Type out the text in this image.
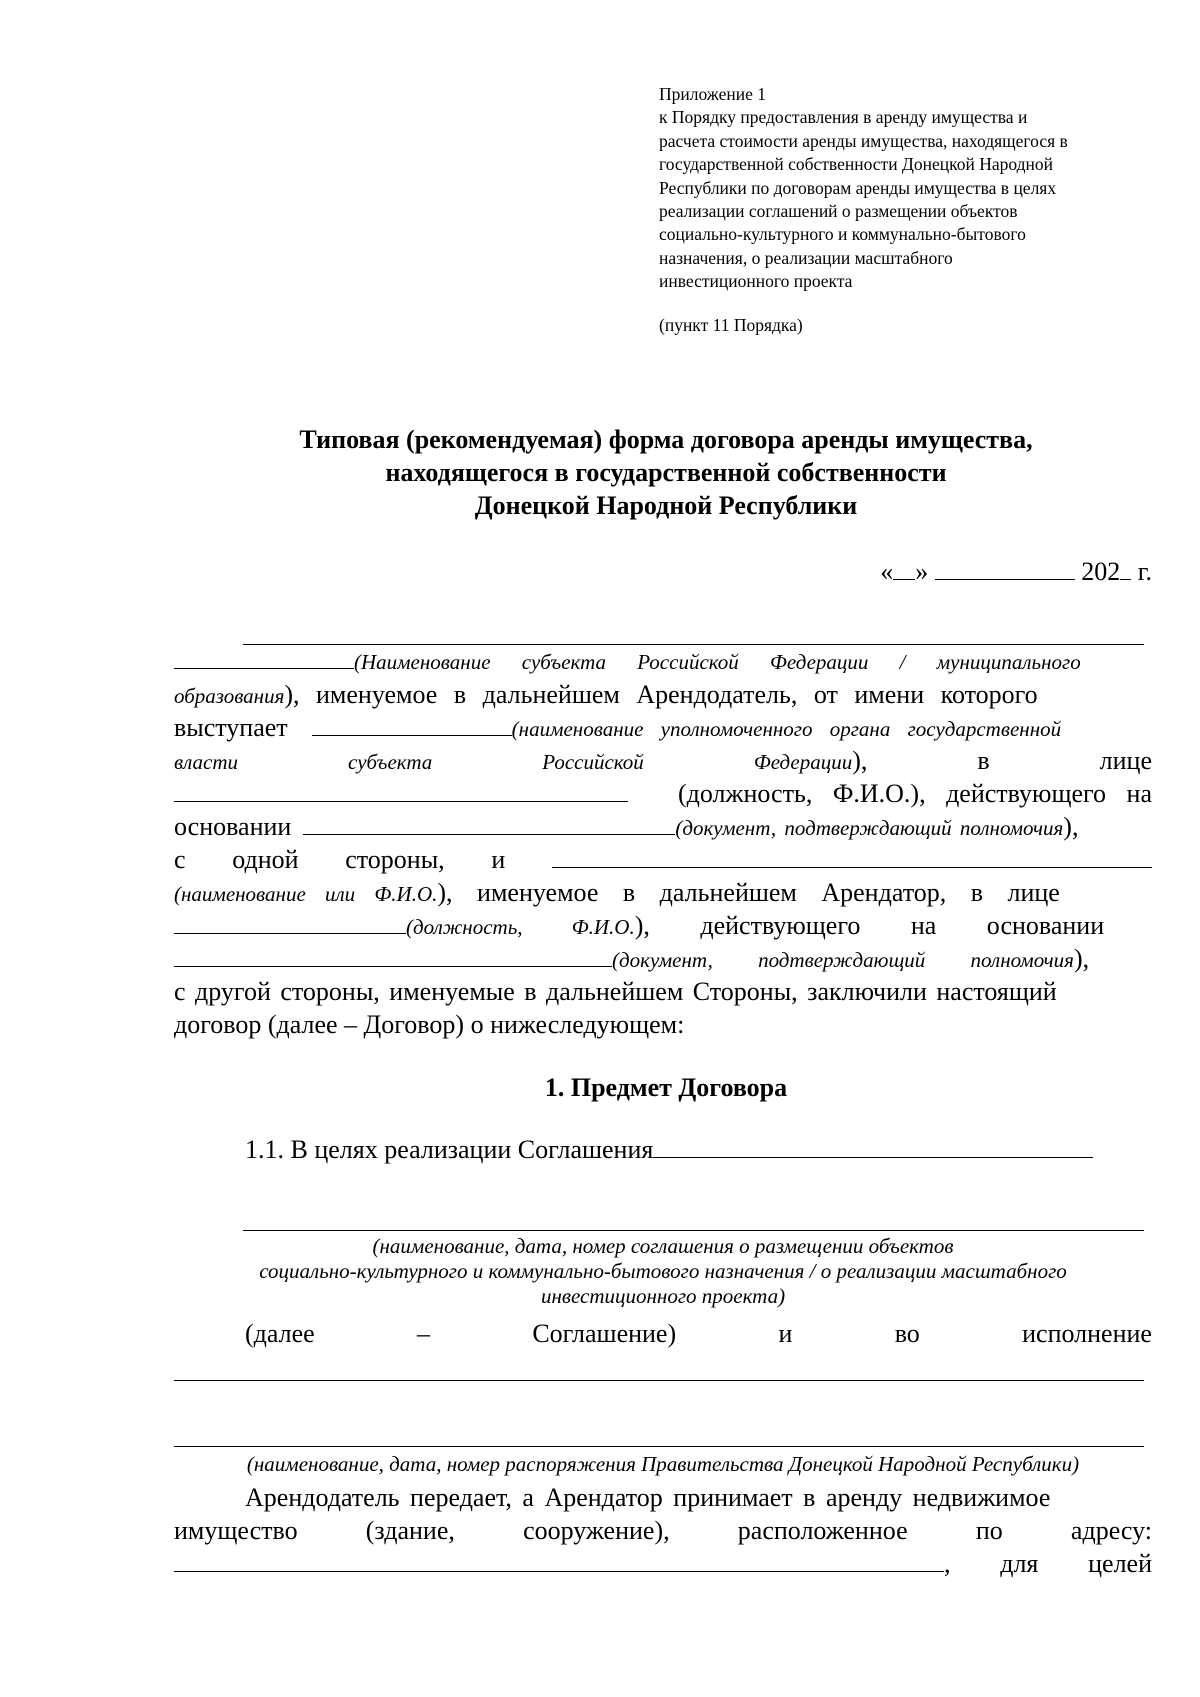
Приложение 1
к Порядку предоставления в аренду имущества и
расчета стоимости аренды имущества, находящегося в
государственной собственности Донецкой Народной
Республики по договорам аренды имущества в целях
реализации соглашений о размещении объектов
социально-культурного и коммунально-бытового
назначения, о реализации масштабного
инвестиционного проекта
(пункт 11 Порядка)
Типовая (рекомендуемая) форма договора аренды имущества,
находящегося в государственной собственности
Донецкой Народной Республики
« »	202 г.
(Наименование субъекта Российской Федерации / муниципального
образования), именуемое в дальнейшем Арендодатель, от имени которого
выступает	(наименование уполномоченного органа государственной
власти	субъекта	Российской	Федерации),	в	лице
(должность, Ф.И.О.), действующего на
основании	(документ, подтверждающий полномочия),
с одной стороны, и
(наименование или Ф.И.О.), именуемое в дальнейшем Арендатор, в лице
(должность, Ф.И.О.), действующего на основании
(документ, подтверждающий полномочия),
с другой стороны, именуемые в дальнейшем Стороны, заключили настоящий
договор (далее – Договор) о нижеследующем:
1. Предмет Договора
1.1. В целях реализации Соглашения
(наименование, дата, номер соглашения о размещении объектов
социально-культурного и коммунально-бытового назначения / о реализации масштабного
инвестиционного проекта)
(далее	–	Соглашение)	и	во	исполнение
(наименование, дата, номер распоряжения Правительства Донецкой Народной Республики)
Арендодатель передает, а Арендатор принимает в аренду недвижимое
имущество	(здание,	сооружение),	расположенное	по	адресу:
, для целей
